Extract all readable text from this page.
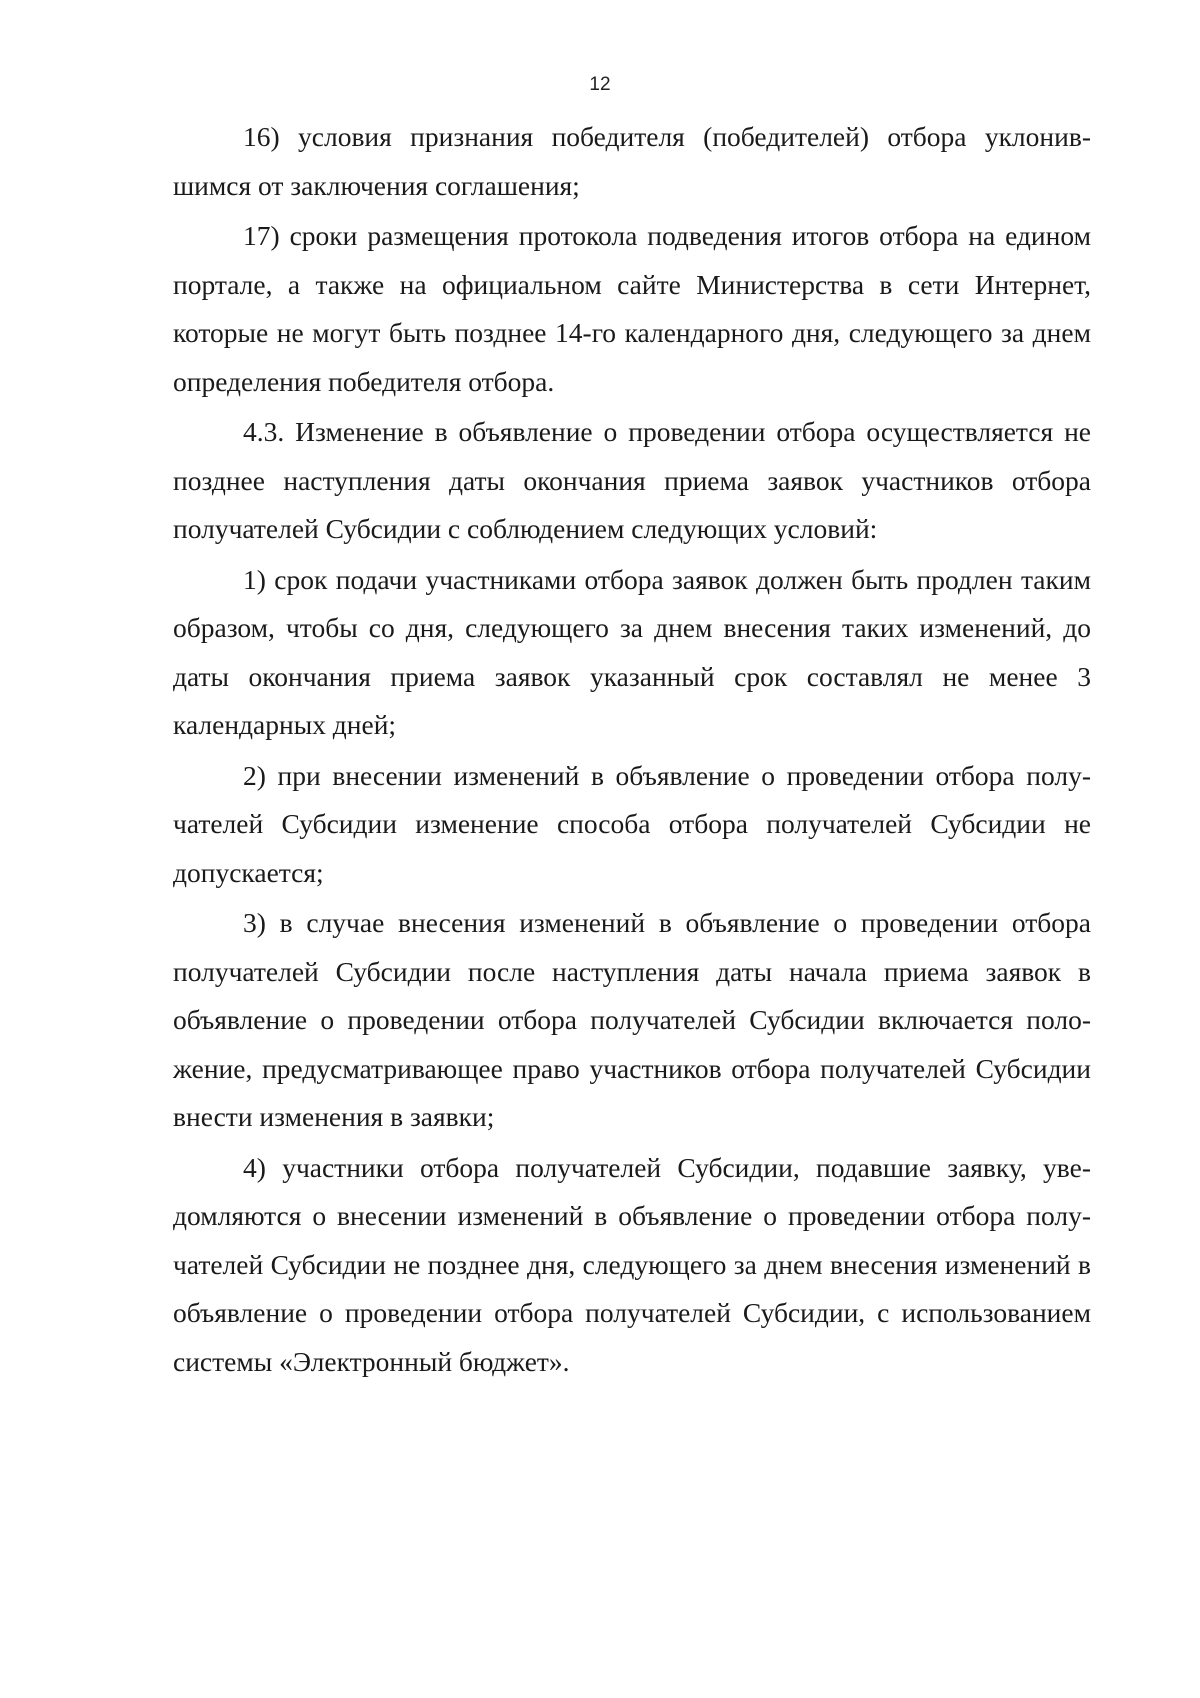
12

16) условия признания победителя (победителей) отбора уклонившимся от заключения соглашения;

17) сроки размещения протокола подведения итогов отбора на едином портале, а также на официальном сайте Министерства в сети Интернет, которые не могут быть позднее 14-го календарного дня, следующего за днем определения победителя отбора.

4.3. Изменение в объявление о проведении отбора осуществляется не позднее наступления даты окончания приема заявок участников отбора получателей Субсидии с соблюдением следующих условий:

1) срок подачи участниками отбора заявок должен быть продлен таким образом, чтобы со дня, следующего за днем внесения таких изменений, до даты окончания приема заявок указанный срок составлял не менее 3 календарных дней;

2) при внесении изменений в объявление о проведении отбора получателей Субсидии изменение способа отбора получателей Субсидии не допускается;

3) в случае внесения изменений в объявление о проведении отбора получателей Субсидии после наступления даты начала приема заявок в объявление о проведении отбора получателей Субсидии включается положение, предусматривающее право участников отбора получателей Субсидии внести изменения в заявки;

4) участники отбора получателей Субсидии, подавшие заявку, уведомляются о внесении изменений в объявление о проведении отбора получателей Субсидии не позднее дня, следующего за днем внесения изменений в объявление о проведении отбора получателей Субсидии, с использованием системы «Электронный бюджет».
